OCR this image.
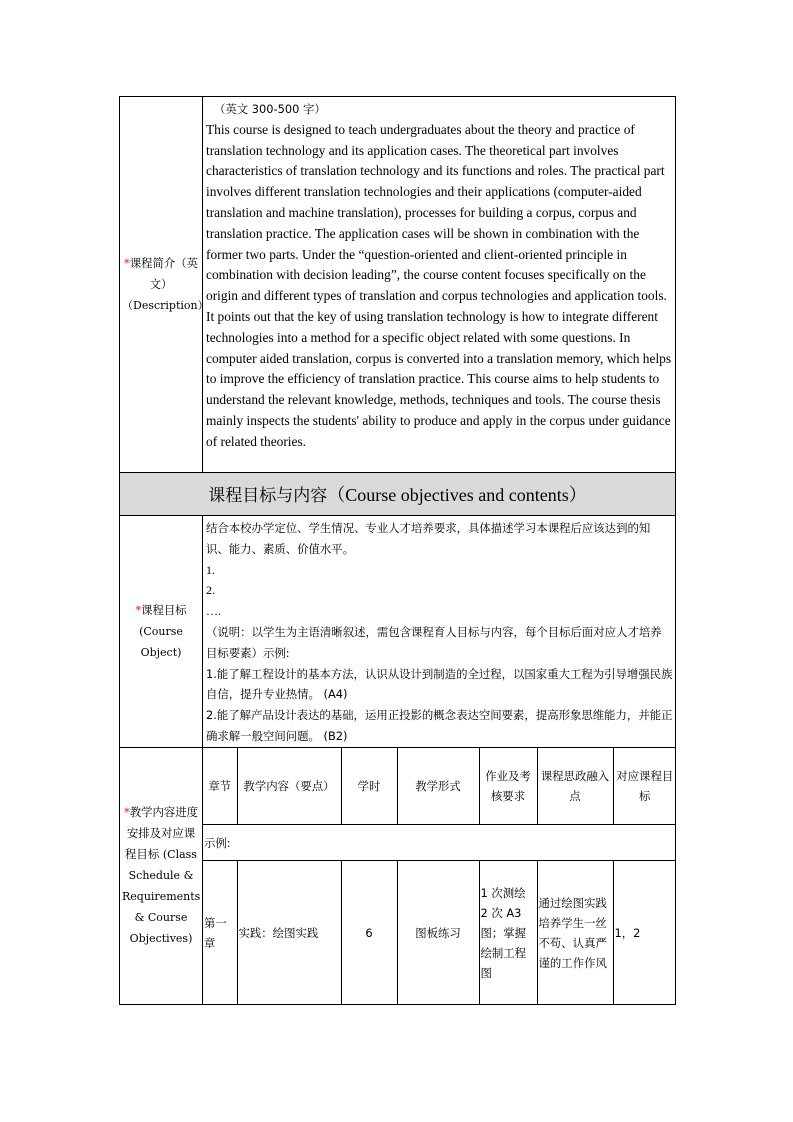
*课程简介（英文）
（Description）	

（英文 300-500 字）

This course is designed to teach undergraduates about the theory and practice of translation technology and its application cases. The theoretical part involves characteristics of translation technology and its functions and roles. The practical part involves different translation technologies and their applications (computer-aided translation and machine translation), processes for building a corpus, corpus and translation practice. The application cases will be shown in combination with the former two parts. Under the “question-oriented and client-oriented principle in combination with decision leading”, the course content focuses specifically on the origin and different types of translation and corpus technologies and application tools. It points out that the key of using translation technology is how to integrate different technologies into a method for a specific object related with some questions. In computer aided translation, corpus is converted into a translation memory, which helps to improve the efficiency of translation practice. This course aims to help students to understand the relevant knowledge, methods, techniques and tools. The course thesis mainly inspects the students' ability to produce and apply in the corpus under guidance of related theories.

课程目标与内容（Course objectives and contents）
*课程目标
(Course Object)	

结合本校办学定位、学生情况、专业人才培养要求，具体描述学习本课程后应该达到的知识、能力、素质、价值水平。

1.

2.

….

（说明：以学生为主语清晰叙述，需包含课程育人目标与内容，每个目标后面对应人才培养目标要素）示例:

1.能了解工程设计的基本方法，认识从设计到制造的全过程，以国家重大工程为引导增强民族自信，提升专业热情。 (A4)

2.能了解产品设计表达的基础，运用正投影的概念表达空间要素，提高形象思维能力，并能正确求解一般空间问题。 (B2)

*教学内容进度安排及对应课程目标 (Class Schedule & Requirements & Course Objectives)	
章节	教学内容（要点）	学时	教学形式	作业及考核要求	课程思政融入点	对应课程目标
示例:
第一章	实践：绘图实践	6	图板练习	1 次测绘 2 次 A3 图；掌握绘制工程图	通过绘图实践培养学生一丝不苟、认真严谨的工作作风	1，2
